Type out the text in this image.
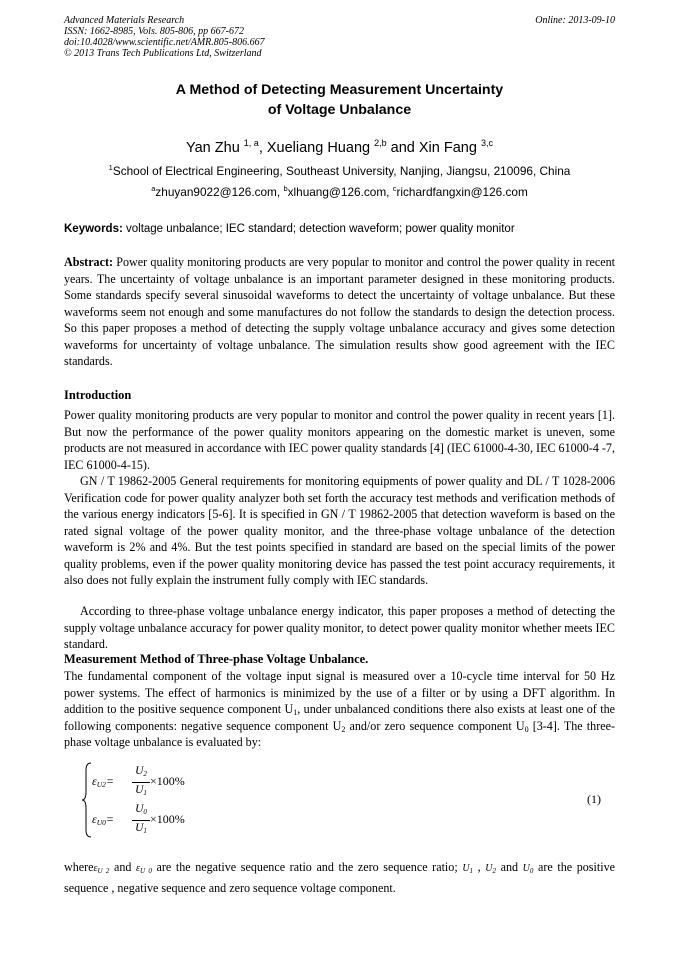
Advanced Materials Research
ISSN: 1662-8985, Vols. 805-806, pp 667-672
doi:10.4028/www.scientific.net/AMR.805-806.667
© 2013 Trans Tech Publications Ltd, Switzerland
Online: 2013-09-10
A Method of Detecting Measurement Uncertainty
of Voltage Unbalance
Yan Zhu $^{1, a}$, Xueliang Huang $^{2,b}$ and Xin Fang $^{3,c}$
$^1$School of Electrical Engineering, Southeast University, Nanjing, Jiangsu, 210096, China
$^a$zhuyan9022@126.com, $^b$xlhuang@126.com, $^c$richardfangxin@126.com
Keywords: voltage unbalance; IEC standard; detection waveform; power quality monitor
Abstract: Power quality monitoring products are very popular to monitor and control the power quality in recent years. The uncertainty of voltage unbalance is an important parameter designed in these monitoring products. Some standards specify several sinusoidal waveforms to detect the uncertainty of voltage unbalance. But these waveforms seem not enough and some manufactures do not follow the standards to design the detection process. So this paper proposes a method of detecting the supply voltage unbalance accuracy and gives some detection waveforms for uncertainty of voltage unbalance. The simulation results show good agreement with the IEC standards.
Introduction
Power quality monitoring products are very popular to monitor and control the power quality in recent years [1]. But now the performance of the power quality monitors appearing on the domestic market is uneven, some products are not measured in accordance with IEC power quality standards [4] (IEC 61000-4-30, IEC 61000-4 -7, IEC 61000-4-15).
GN / T 19862-2005 General requirements for monitoring equipments of power quality and DL / T 1028-2006 Verification code for power quality analyzer both set forth the accuracy test methods and verification methods of the various energy indicators [5-6]. It is specified in GN / T 19862-2005 that detection waveform is based on the rated signal voltage of the power quality monitor, and the three-phase voltage unbalance of the detection waveform is 2% and 4%. But the test points specified in standard are based on the special limits of the power quality problems, even if the power quality monitoring device has passed the test point accuracy requirements, it also does not fully explain the instrument fully comply with IEC standards.
According to three-phase voltage unbalance energy indicator, this paper proposes a method of detecting the supply voltage unbalance accuracy for power quality monitor, to detect power quality monitor whether meets IEC standard.
Measurement Method of Three-phase Voltage Unbalance.
The fundamental component of the voltage input signal is measured over a 10-cycle time interval for 50 Hz power systems. The effect of harmonics is minimized by the use of a filter or by using a DFT algorithm. In addition to the positive sequence component $U_1$, under unbalanced conditions there also exists at least one of the following components: negative sequence component $U_2$ and/or zero sequence component $U_0$ [3-4]. The three-phase voltage unbalance is evaluated by:
$\varepsilon_{U2}=$
$U_2$
$U_1$
×100%
$\varepsilon_{U0}=$
$U_0$
$U_1$
×100%
(1)
whereε$_{U 2}$ and $\varepsilon_{U 0}$ are the negative sequence ratio and the zero sequence ratio; $U_1$ , $U_2$ and $U_0$ are the positive sequence , negative sequence and zero sequence voltage component.
